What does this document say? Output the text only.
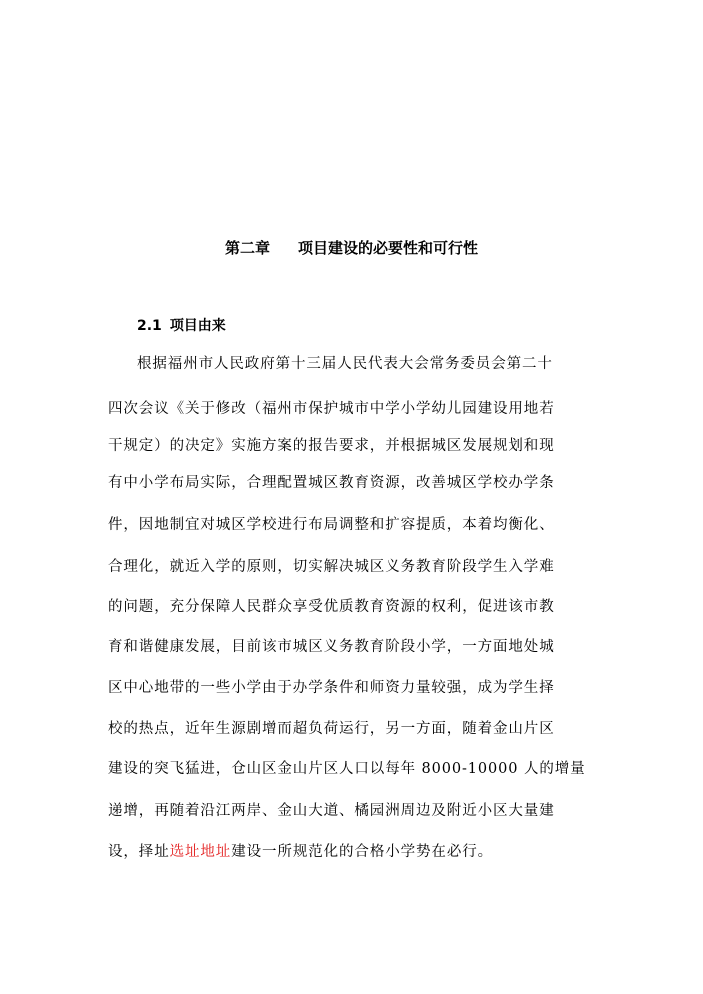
第二章 项目建设的必要性和可行性
2.1 项目由来
根据福州市人民政府第十三届人民代表大会常务委员会第二十
四次会议《关于修改（福州市保护城市中学小学幼儿园建设用地若
干规定）的决定》实施方案的报告要求，并根据城区发展规划和现
有中小学布局实际，合理配置城区教育资源，改善城区学校办学条
件，因地制宜对城区学校进行布局调整和扩容提质，本着均衡化、
合理化，就近入学的原则，切实解决城区义务教育阶段学生入学难
的问题，充分保障人民群众享受优质教育资源的权利，促进该市教
育和谐健康发展，目前该市城区义务教育阶段小学，一方面地处城
区中心地带的一些小学由于办学条件和师资力量较强，成为学生择
校的热点，近年生源剧增而超负荷运行，另一方面，随着金山片区
建设的突飞猛进，仓山区金山片区人口以每年 8000-10000 人的增量
递增，再随着沿江两岸、金山大道、橘园洲周边及附近小区大量建
设，择址选址地址建设一所规范化的合格小学势在必行。
